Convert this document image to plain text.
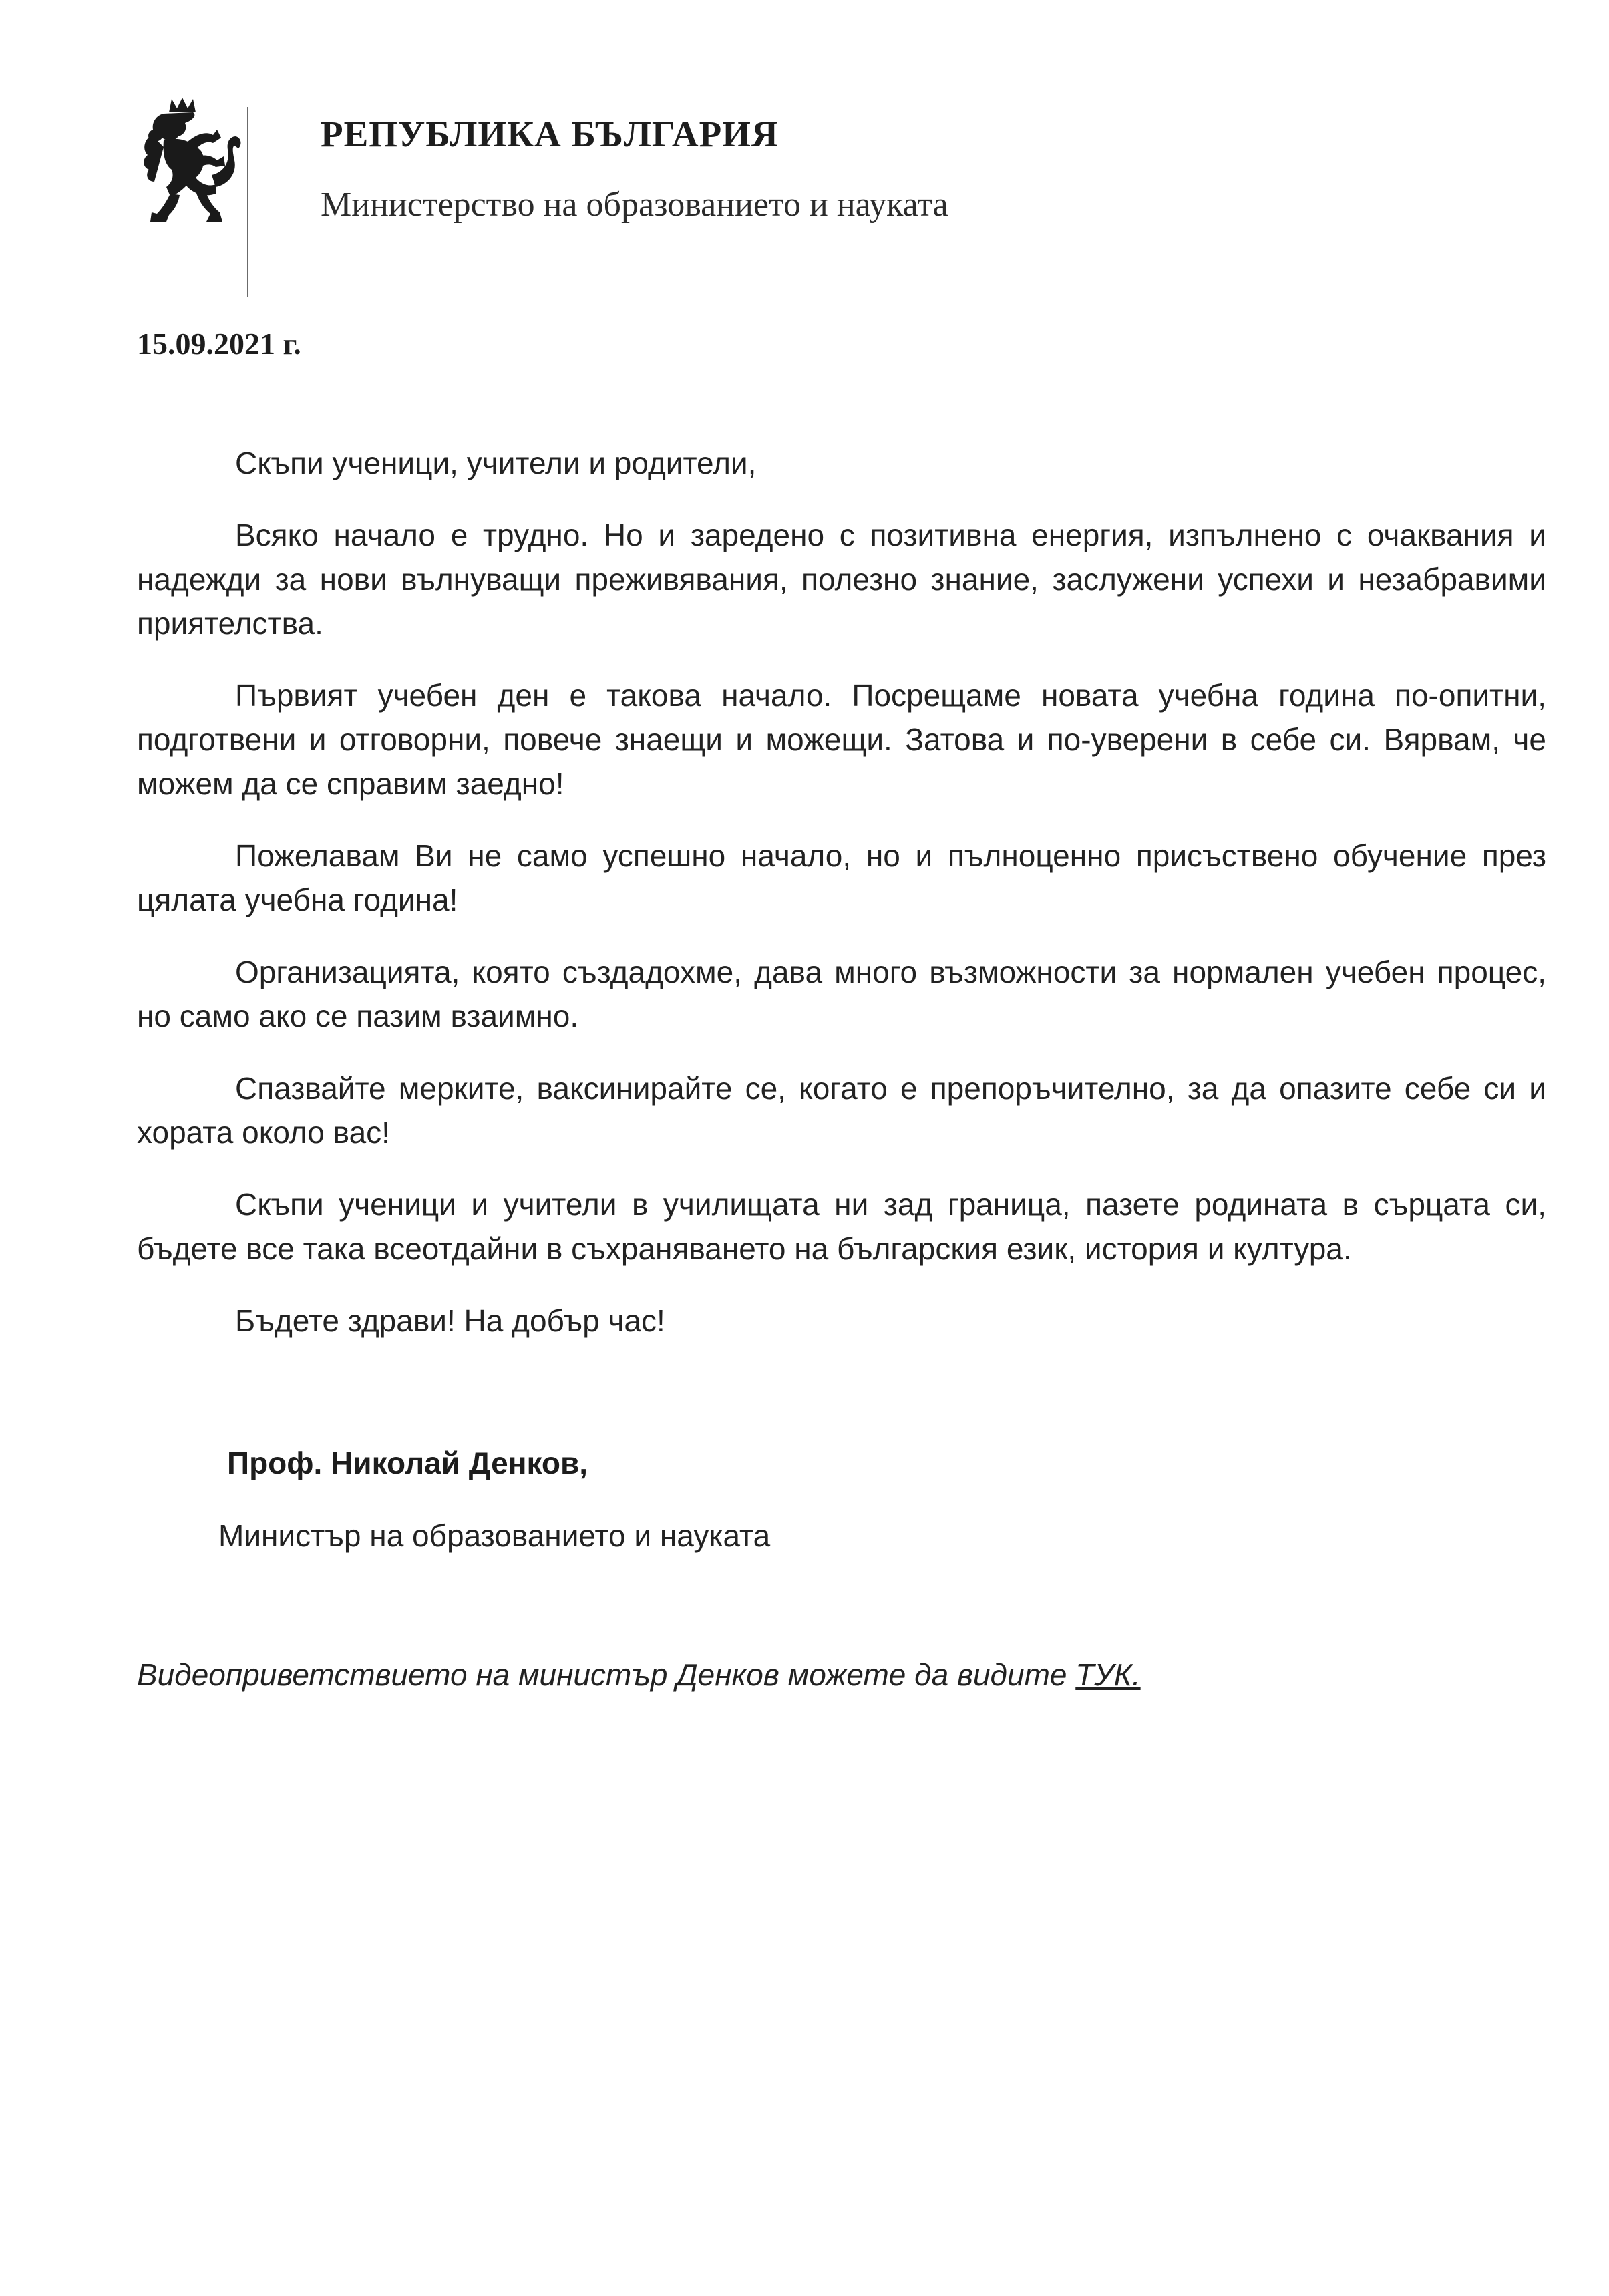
РЕПУБЛИКА БЪЛГАРИЯ

Министерство на образованието и науката

15.09.2021 г.

Скъпи ученици, учители и родители,

Всяко начало е трудно. Но и заредено с позитивна енергия, изпълнено с очаквания и надежди за нови вълнуващи преживявания, полезно знание, заслужени успехи и незабравими приятелства.

Първият учебен ден е такова начало. Посрещаме новата учебна година по-опитни, подготвени и отговорни, повече знаещи и можещи. Затова и по-уверени в себе си. Вярвам, че можем да се справим заедно!

Пожелавам Ви не само успешно начало, но и пълноценно присъствено обучение през цялата учебна година!

Организацията, която създадохме, дава много възможности за нормален учебен процес, но само ако се пазим взаимно.

Спазвайте мерките, ваксинирайте се, когато е препоръчително, за да опазите себе си и хората около вас!

Скъпи ученици и учители в училищата ни зад граница, пазете родината в сърцата си, бъдете все така всеотдайни в съхраняването на българския език, история и култура.

Бъдете здрави! На добър час!

Проф. Николай Денков,
Министър на образованието и науката
Видеоприветствието на министър Денков можете да видите ТУК.
